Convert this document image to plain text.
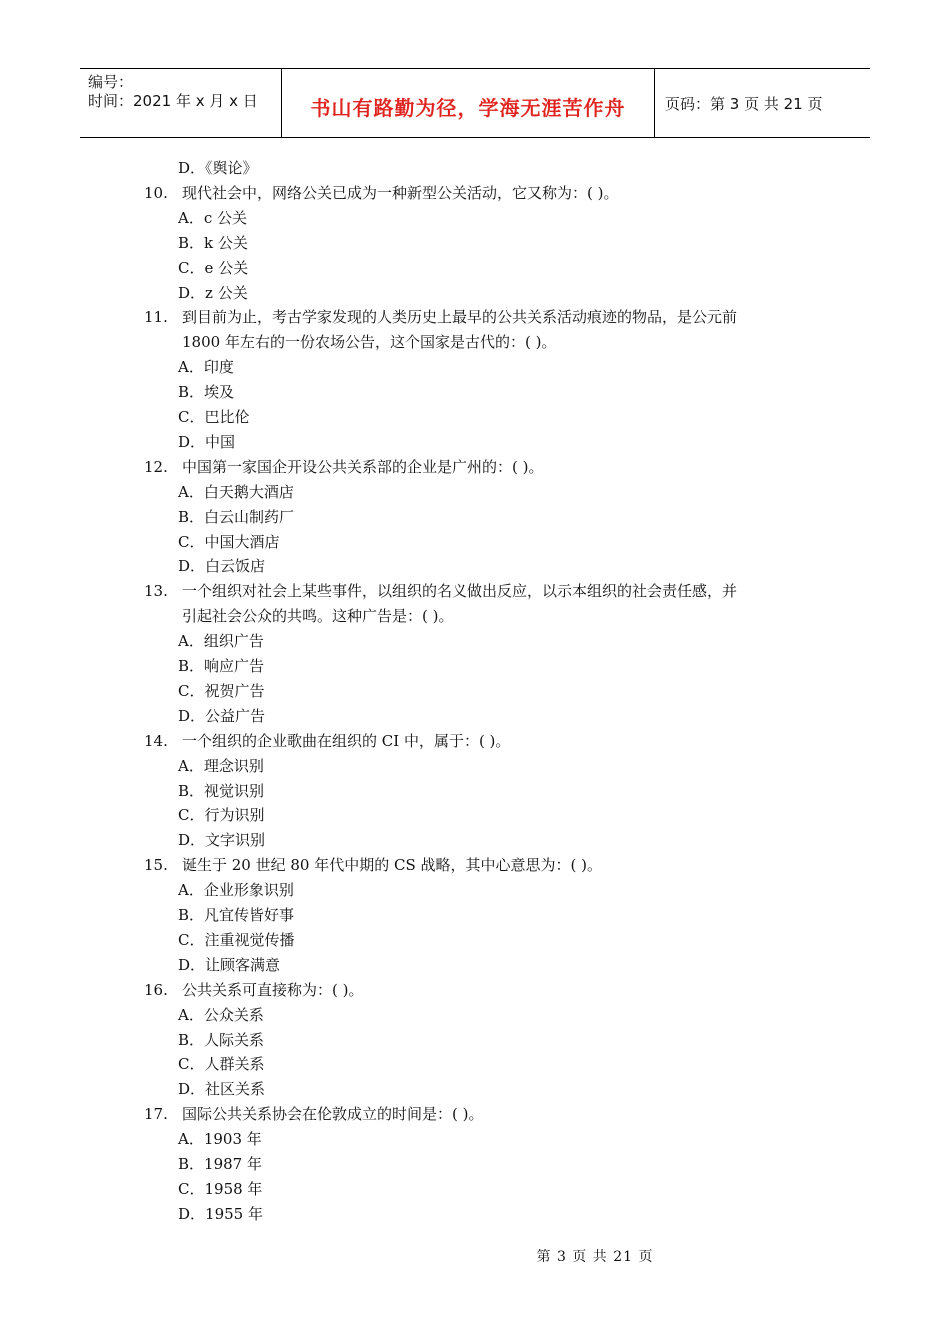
编号：
时间：2021 年 x 月 x 日	书山有路勤为径，学海无涯苦作舟	页码：第 3 页 共 21 页
D．《舆论》
10. 现代社会中，网络公关已成为一种新型公关活动，它又称为：( )。
A．c 公关
B．k 公关
C．e 公关
D．z 公关
11. 到目前为止，考古学家发现的人类历史上最早的公共关系活动痕迹的物品，是公元前
1800 年左右的一份农场公告，这个国家是古代的：( )。
A．印度
B．埃及
C．巴比伦
D．中国
12. 中国第一家国企开设公共关系部的企业是广州的：( )。
A．白天鹅大酒店
B．白云山制药厂
C．中国大酒店
D．白云饭店
13. 一个组织对社会上某些事件，以组织的名义做出反应，以示本组织的社会责任感，并
引起社会公众的共鸣。这种广告是：( )。
A．组织广告
B．响应广告
C．祝贺广告
D．公益广告
14. 一个组织的企业歌曲在组织的 CI 中，属于：( )。
A．理念识别
B．视觉识别
C．行为识别
D．文字识别
15. 诞生于 20 世纪 80 年代中期的 CS 战略，其中心意思为：( )。
A．企业形象识别
B．凡宜传皆好事
C．注重视觉传播
D．让顾客满意
16. 公共关系可直接称为：( )。
A．公众关系
B．人际关系
C．人群关系
D．社区关系
17. 国际公共关系协会在伦敦成立的时间是：( )。
A．1903 年
B．1987 年
C．1958 年
D．1955 年
第 3 页 共 21 页
